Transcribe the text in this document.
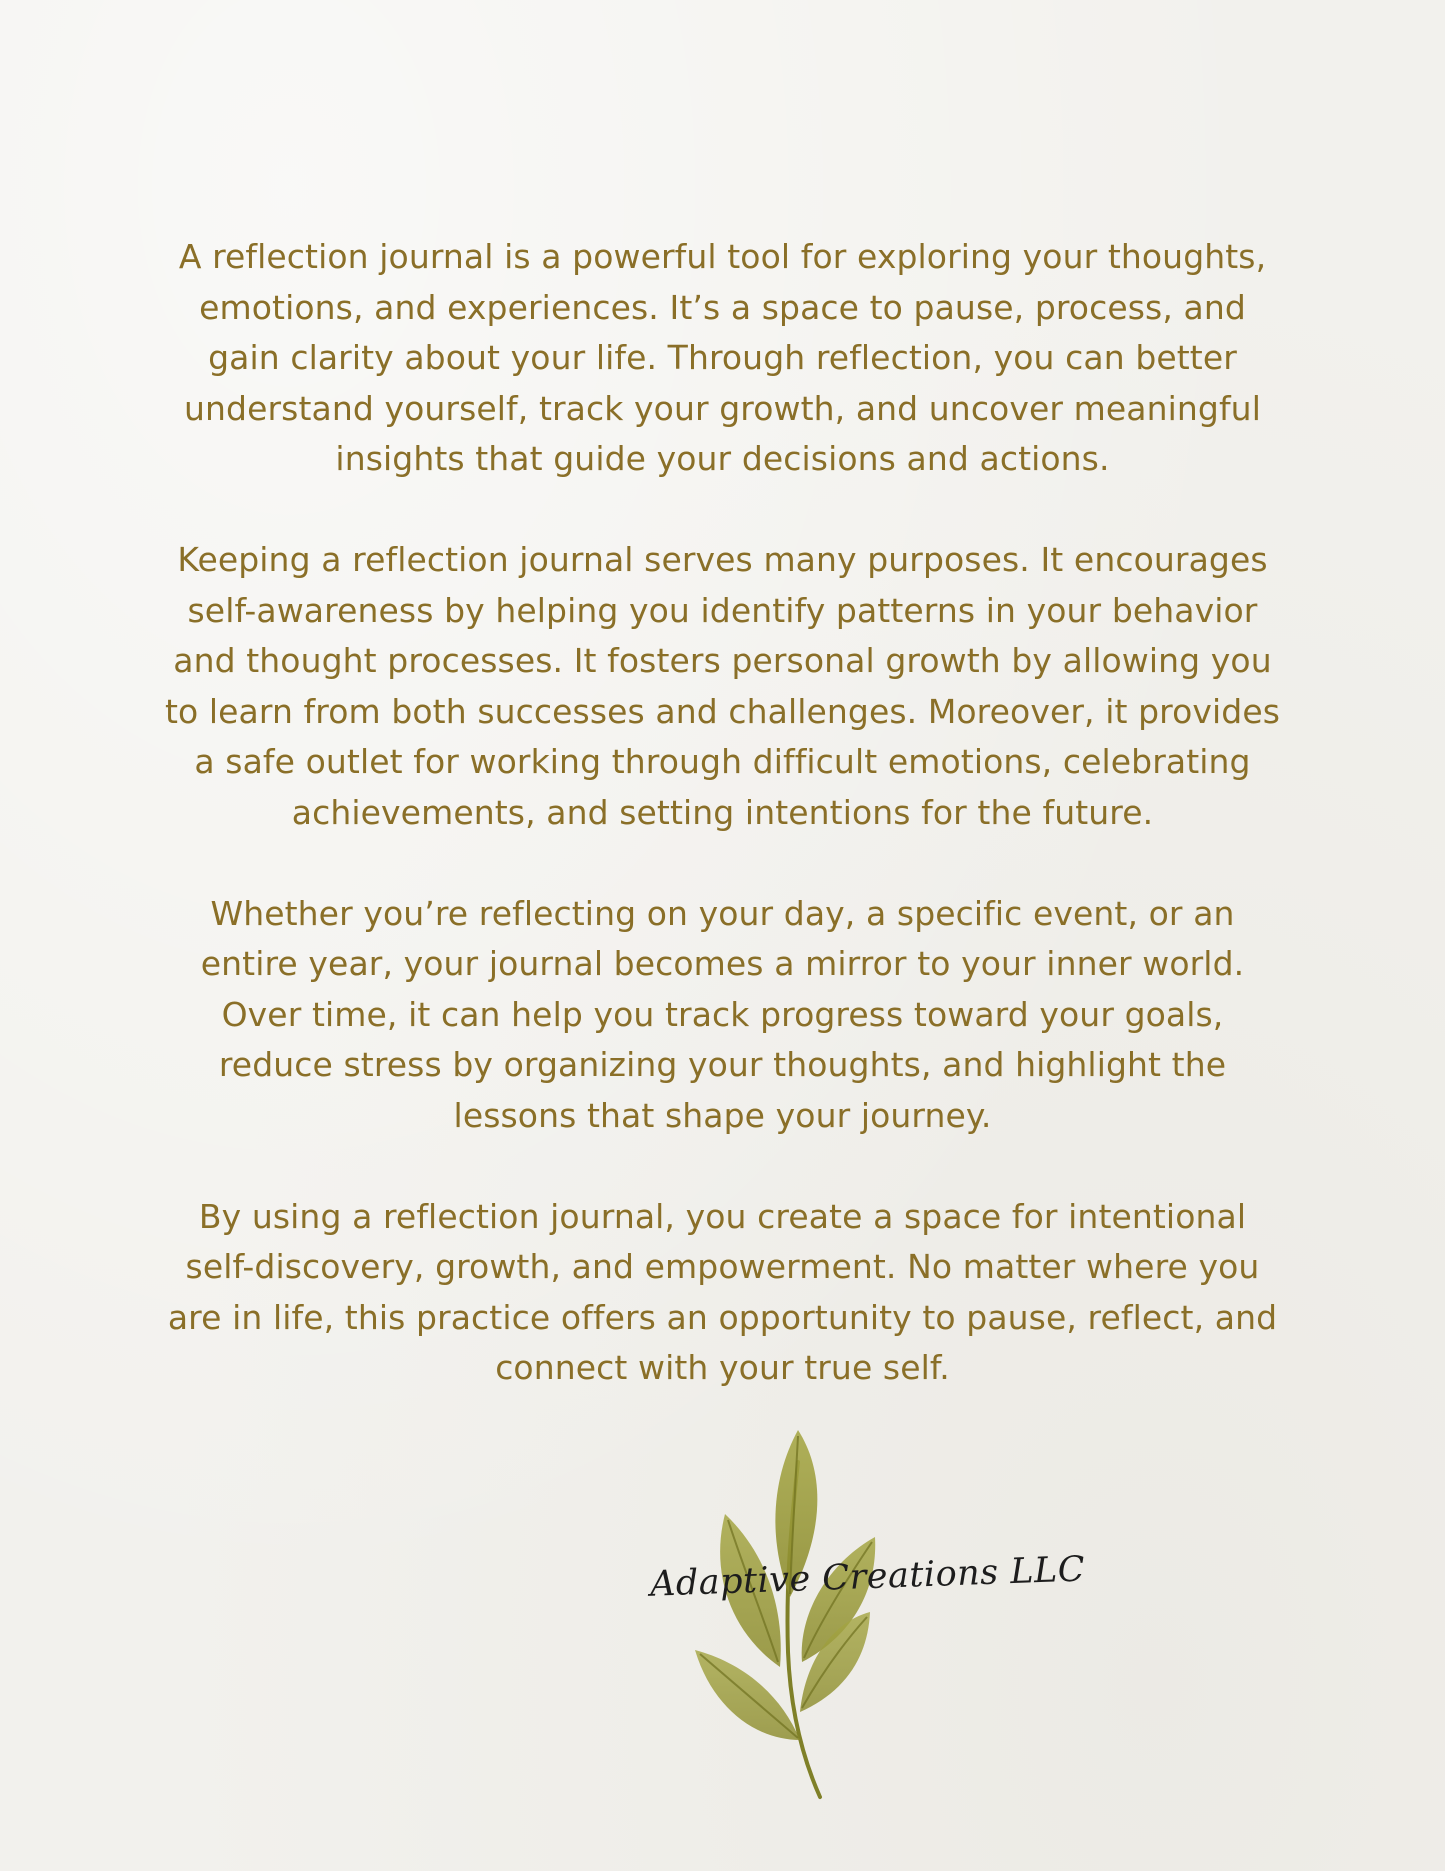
A reflection journal is a powerful tool for exploring your thoughts, emotions, and experiences. It’s a space to pause, process, and gain clarity about your life. Through reflection, you can better understand yourself, track your growth, and uncover meaningful insights that guide your decisions and actions.

Keeping a reflection journal serves many purposes. It encourages self-awareness by helping you identify patterns in your behavior and thought processes. It fosters personal growth by allowing you to learn from both successes and challenges. Moreover, it provides a safe outlet for working through difficult emotions, celebrating achievements, and setting intentions for the future.

Whether you’re reflecting on your day, a specific event, or an entire year, your journal becomes a mirror to your inner world. Over time, it can help you track progress toward your goals, reduce stress by organizing your thoughts, and highlight the lessons that shape your journey.

By using a reflection journal, you create a space for intentional self-discovery, growth, and empowerment. No matter where you are in life, this practice offers an opportunity to pause, reflect, and connect with your true self.

Adaptive Creations LLC
